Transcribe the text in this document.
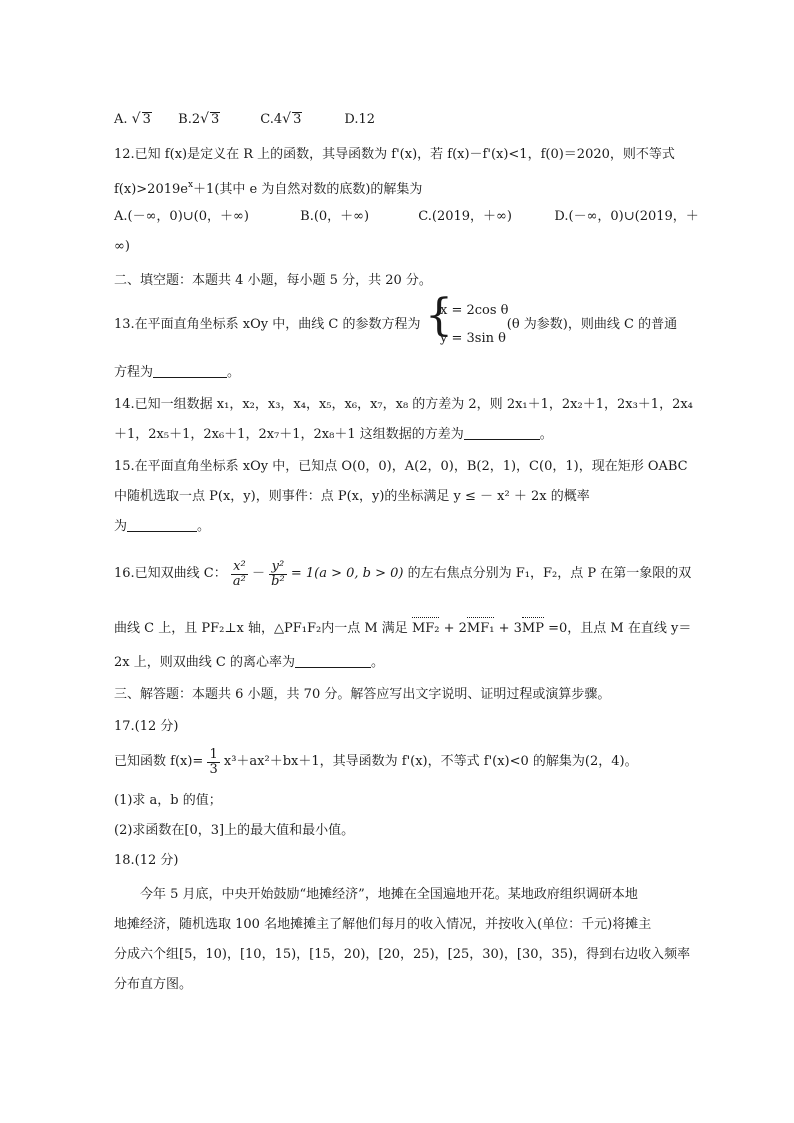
A. √ 3 B.2√ 3	C.4√ 3	D.12
12.已知 f(x)是定义在 R 上的函数，其导函数为 f'(x)，若 f(x)－f'(x)<1，f(0)＝2020，则不等式
$f(x)>2019e^x+1$(其中 e 为自然对数的底数)的解集为
A.(－∞，0)∪(0，＋∞)	B.(0，＋∞)	C.(2019，＋∞)	D.(－∞，0)∪(2019，＋
∞)
二、填空题：本题共 4 小题，每小题 5 分，共 20 分。
13.在平面直角坐标系 xOy 中，曲线 C 的参数方程为	(θ 为参数)，则曲线 C 的普通
{
x = 2cos θ
y = 3sin θ
方程为	。
14.已知一组数据 x₁，x₂，x₃，x₄，x₅，x₆，x₇，x₈ 的方差为 2，则 2x₁＋1，2x₂＋1，2x₃＋1，2x₄
＋1，2x₅＋1，2x₆＋1，2x₇＋1，2x₈＋1 这组数据的方差为	。
15.在平面直角坐标系 xOy 中，已知点 O(0，0)，A(2，0)，B(2，1)，C(0，1)，现在矩形 OABC
中随机选取一点 P(x，y)，则事件：点 P(x，y)的坐标满足 y ≤ － x² ＋ 2x 的概率
为	。
16.已知双曲线 C： $\frac{\text{x²}}{\text{a²}} - \frac{\text{y²}}{\text{b²}} = 1(a > 0$, b > 0) 的左右焦点分别为 F₁，F₂，点 P 在第一象限的双
曲线 C 上，且 PF₂⊥x 轴，△PF₁F₂内一点 M 满足 MF₂ + 2MF₁ + 3MP =0，且点 M 在直线 y＝
2x 上，则双曲线 C 的离心率为	。
三、解答题：本题共 6 小题，共 70 分。解答应写出文字说明、证明过程或演算步骤。
17.(12 分)
已知函数 $f(x)= \frac{1}{3} x^3+ax^2+bx+1$，其导函数为 f'(x)，不等式 f'(x)<0 的解集为(2，4)。
(1)求 a，b 的值；
(2)求函数在[0，3]上的最大值和最小值。
18.(12 分)
今年 5 月底，中央开始鼓励“地摊经济”，地摊在全国遍地开花。某地政府组织调研本地
地摊经济，随机选取 100 名地摊摊主了解他们每月的收入情况，并按收入(单位：千元)将摊主
分成六个组[5，10)，[10，15)，[15，20)，[20，25)，[25，30)，[30，35)，得到右边收入频率
分布直方图。
